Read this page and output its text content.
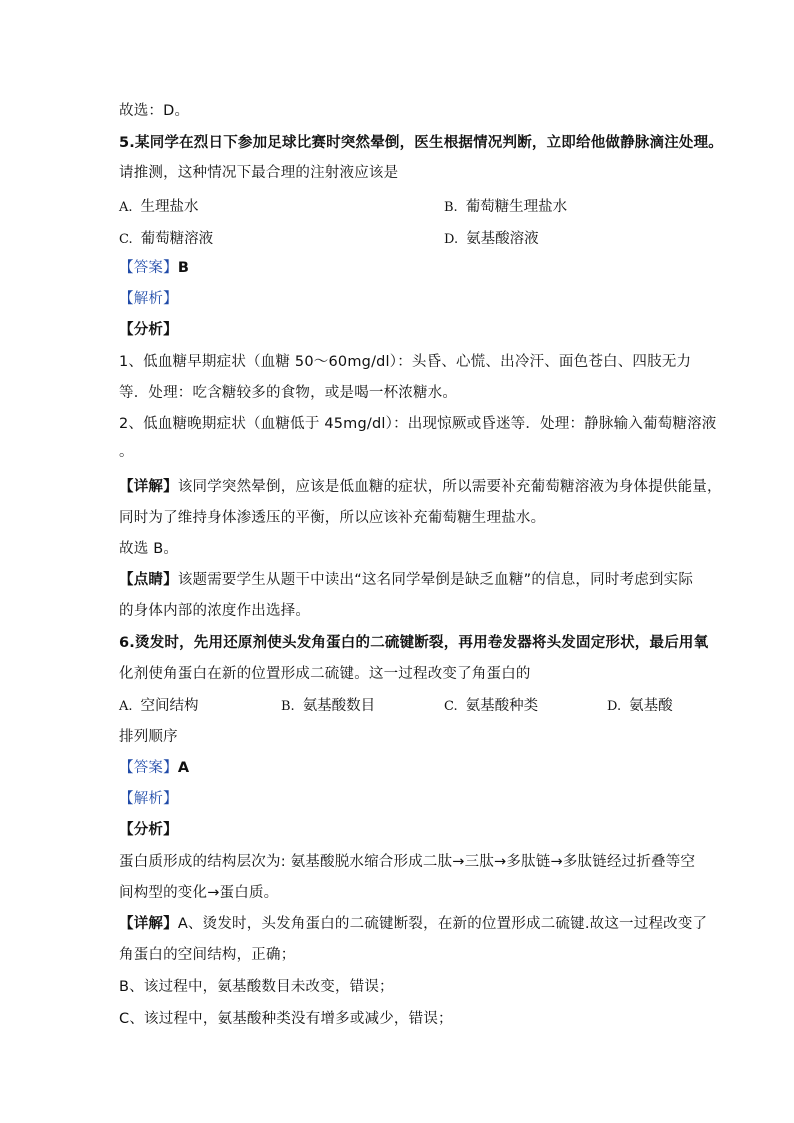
故选：D。
5.某同学在烈日下参加足球比赛时突然晕倒，医生根据情况判断，立即给他做静脉滴注处理。
请推测，这种情况下最合理的注射液应该是
A. 生理盐水	B. 葡萄糖生理盐水
C. 葡萄糖溶液	D. 氨基酸溶液
【答案】B
【解析】
【分析】
1、低血糖早期症状（血糖 50～60mg/dl）：头昏、心慌、出冷汗、面色苍白、四肢无力
等．处理：吃含糖较多的食物，或是喝一杯浓糖水。
2、低血糖晚期症状（血糖低于 45mg/dl）：出现惊厥或昏迷等．处理：静脉输入葡萄糖溶液
。
【详解】该同学突然晕倒，应该是低血糖的症状，所以需要补充葡萄糖溶液为身体提供能量，
同时为了维持身体渗透压的平衡，所以应该补充葡萄糖生理盐水。
故选 B。
【点睛】该题需要学生从题干中读出“这名同学晕倒是缺乏血糖”的信息，同时考虑到实际
的身体内部的浓度作出选择。
6.烫发时，先用还原剂使头发角蛋白的二硫键断裂，再用卷发器将头发固定形状，最后用氧
化剂使角蛋白在新的位置形成二硫键。这一过程改变了角蛋白的
A. 空间结构	B. 氨基酸数目	C. 氨基酸种类	D. 氨基酸
排列顺序
【答案】A
【解析】
【分析】
蛋白质形成的结构层次为: 氨基酸脱水缩合形成二肽→三肽→多肽链→多肽链经过折叠等空
间构型的变化→蛋白质。
【详解】A、烫发时，头发角蛋白的二硫键断裂，在新的位置形成二硫键.故这一过程改变了
角蛋白的空间结构，正确；
B、该过程中，氨基酸数目未改变，错误；
C、该过程中，氨基酸种类没有增多或减少，错误；
